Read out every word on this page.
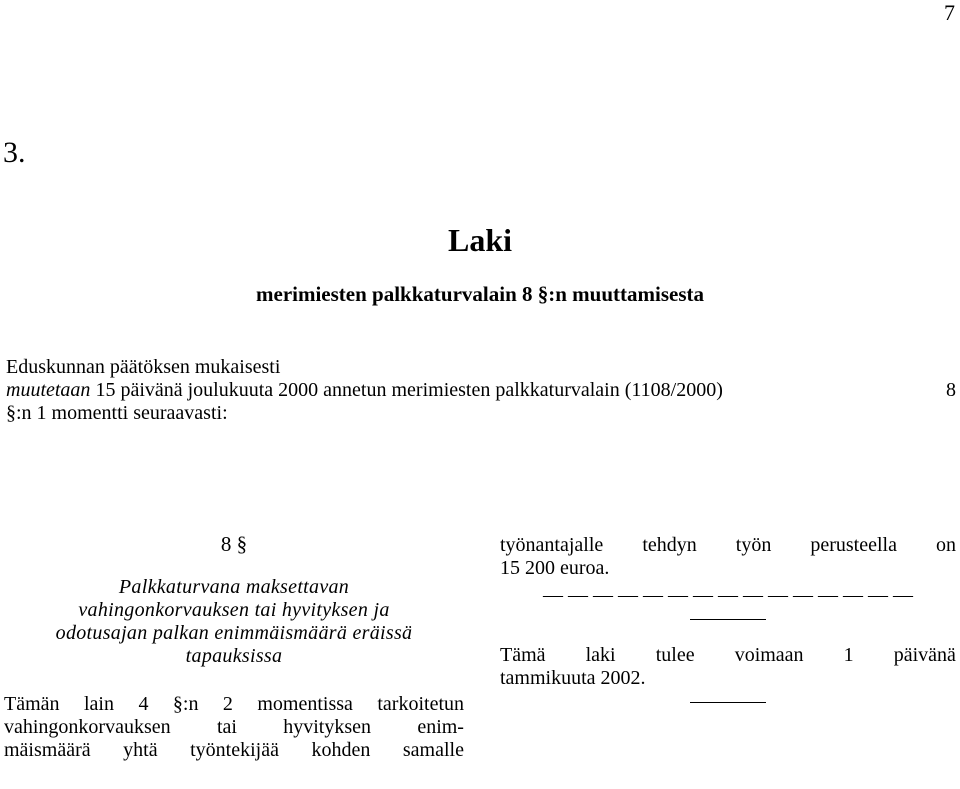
7
3.
Laki
merimiesten palkkaturvalain 8 §:n muuttamisesta
Eduskunnan päätöksen mukaisesti
muutetaan 15 päivänä joulukuuta 2000 annetun merimiesten palkkaturvalain (1108/2000)	8
§:n 1 momentti seuraavasti:
8 §
Palkkaturvana maksettavan
vahingonkorvauksen tai hyvityksen ja
odotusajan palkan enimmäismäärä eräissä
tapauksissa
Tämän lain 4 §:n 2 momentissa tarkoitetun
vahingonkorvauksen tai hyvityksen enim-
mäismäärä yhtä työntekijää kohden samalle
työnantajalle tehdyn työn perusteella on
15 200 euroa.
— — — — — — — — — — — — — — —
Tämä laki tulee voimaan 1 päivänä
tammikuuta 2002.
